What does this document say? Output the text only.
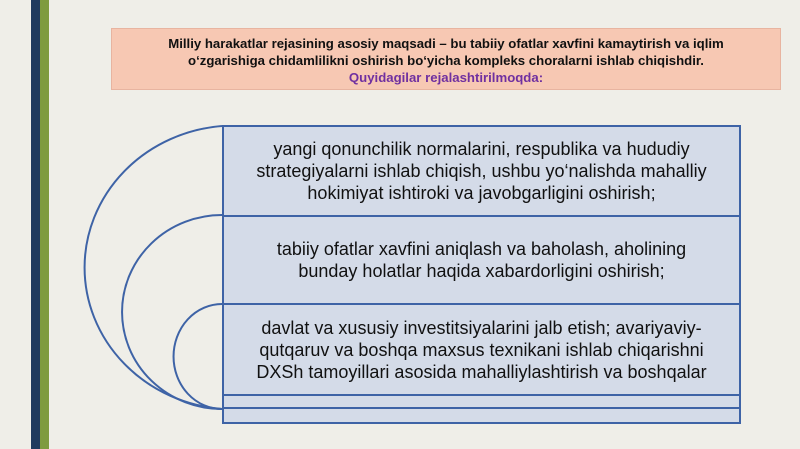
Milliy harakatlar rejasining asosiy maqsadi – bu tabiiy ofatlar xavfini kamaytirish va iqlim
o‘zgarishiga chidamlilikni oshirish bo‘yicha kompleks choralarni ishlab chiqishdir.
Quyidagilar rejalashtirilmoqda:
yangi qonunchilik normalarini, respublika va hududiy
strategiyalarni ishlab chiqish, ushbu yo‘nalishda mahalliy
hokimiyat ishtiroki va javobgarligini oshirish;
tabiiy ofatlar xavfini aniqlash va baholash, aholining
bunday holatlar haqida xabardorligini oshirish;
davlat va xususiy investitsiyalarini jalb etish; avariyaviy-
qutqaruv va boshqa maxsus texnikani ishlab chiqarishni
DXSh tamoyillari asosida mahalliylashtirish va boshqalar
